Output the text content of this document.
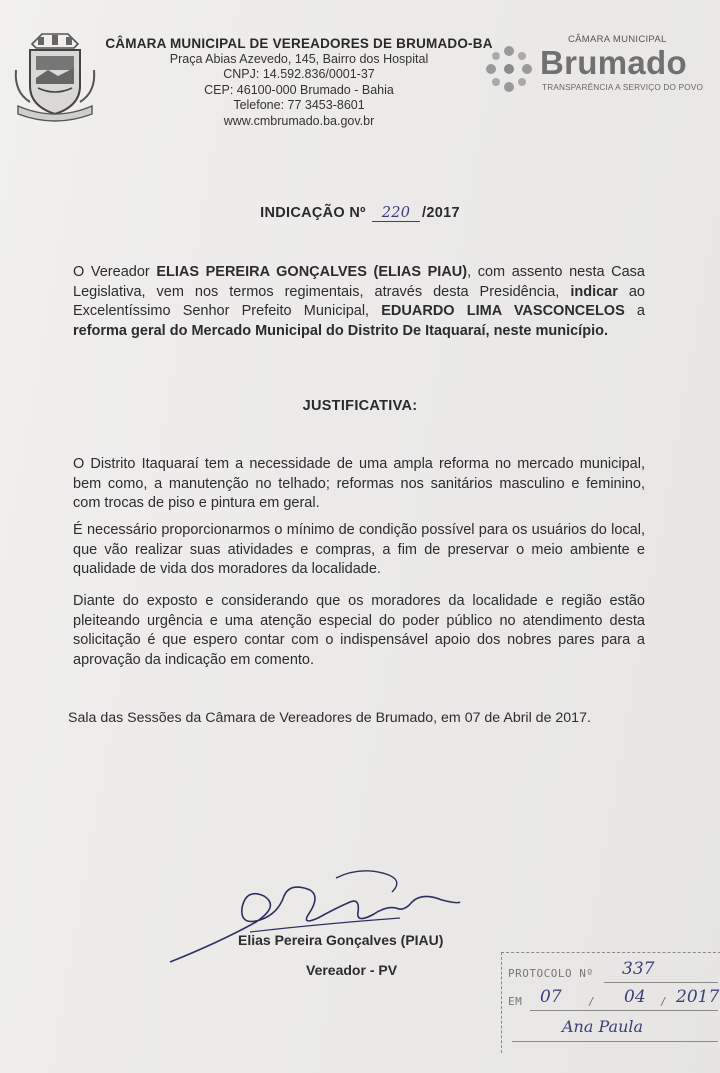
CÂMARA MUNICIPAL DE VEREADORES DE BRUMADO-BA
Praça Abias Azevedo, 145, Bairro dos Hospital
CNPJ: 14.592.836/0001-37
CEP: 46100-000 Brumado - Bahia
Telefone: 77 3453-8601
www.cmbrumado.ba.gov.br
CÂMARA MUNICIPAL
Brumado
TRANSPARÊNCIA A SERVIÇO DO POVO
INDICAÇÃO Nº 220 /2017
O Vereador ELIAS PEREIRA GONÇALVES (ELIAS PIAU), com assento nesta Casa Legislativa, vem nos termos regimentais, através desta Presidência, indicar ao Excelentíssimo Senhor Prefeito Municipal, EDUARDO LIMA VASCONCELOS a reforma geral do Mercado Municipal do Distrito De Itaquaraí, neste município.
JUSTIFICATIVA:
O Distrito Itaquaraí tem a necessidade de uma ampla reforma no mercado municipal, bem como, a manutenção no telhado; reformas nos sanitários masculino e feminino, com trocas de piso e pintura em geral.
É necessário proporcionarmos o mínimo de condição possível para os usuários do local, que vão realizar suas atividades e compras, a fim de preservar o meio ambiente e qualidade de vida dos moradores da localidade.
Diante do exposto e considerando que os moradores da localidade e região estão pleiteando urgência e uma atenção especial do poder público no atendimento desta solicitação é que espero contar com o indispensável apoio dos nobres pares para a aprovação da indicação em comento.
Sala das Sessões da Câmara de Vereadores de Brumado, em 07 de Abril de 2017.
Elias Pereira Gonçalves (PIAU)
Vereador - PV	PROTOCOLO Nº 337
EM 07 / 04 / 2017
Ana Paula
